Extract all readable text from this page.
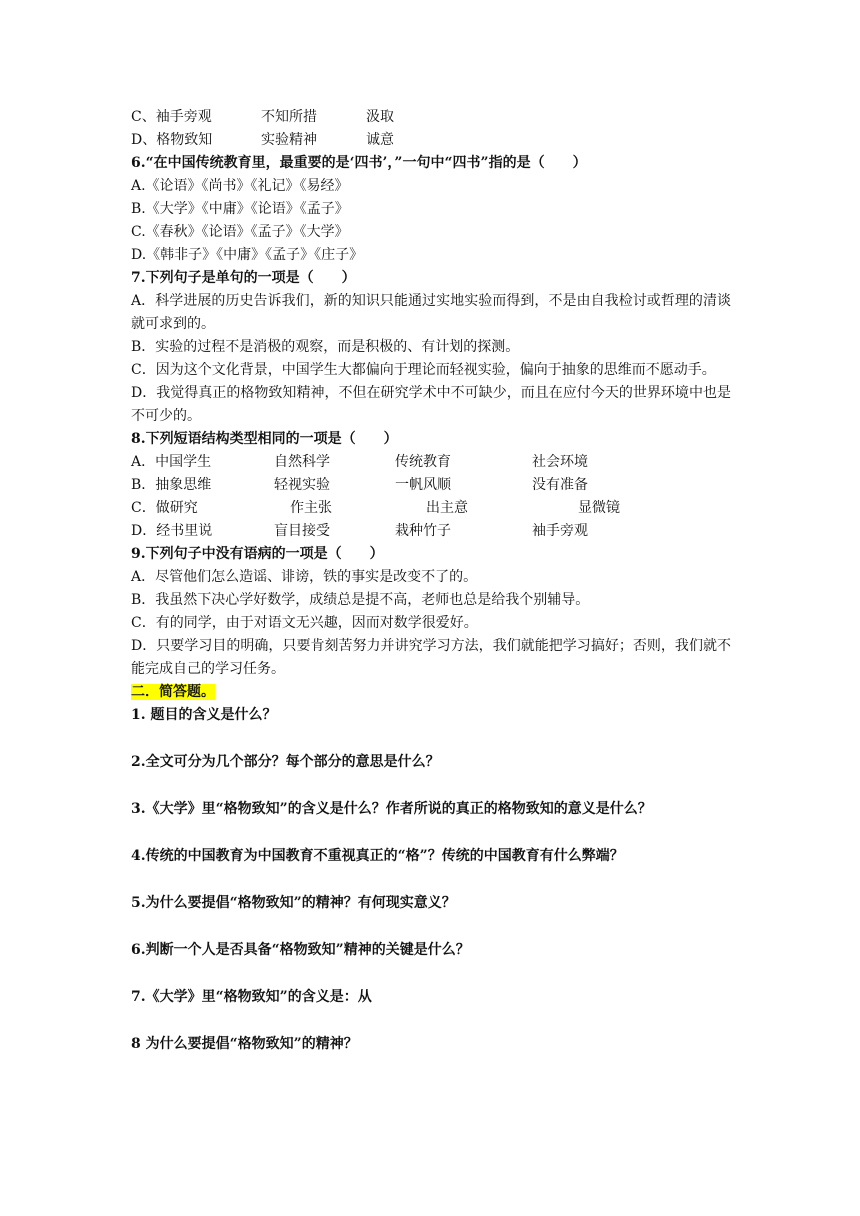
C、袖手旁观	不知所措	汲取
D、格物致知	实验精神	诚意
6.“在中国传统教育里，最重要的是‘四书’，”一句中“四书”指的是（　　）
A.《论语》《尚书》《礼记》《易经》
B.《大学》《中庸》《论语》《孟子》
C.《春秋》《论语》《孟子》《大学》
D.《韩非子》《中庸》《孟子》《庄子》
7.下列句子是单句的一项是（　　）
A．科学进展的历史告诉我们，新的知识只能通过实地实验而得到，不是由自我检讨或哲理的清谈就可求到的。
B．实验的过程不是消极的观察，而是积极的、有计划的探测。
C．因为这个文化背景，中国学生大都偏向于理论而轻视实验，偏向于抽象的思维而不愿动手。
D．我觉得真正的格物致知精神，不但在研究学术中不可缺少，而且在应付今天的世界环境中也是不可少的。
8.下列短语结构类型相同的一项是（　　）
A．中国学生	自然科学	传统教育	社会环境
B．抽象思维	轻视实验	一帆风顺	没有准备
C．做研究	作主张	出主意	显微镜
D．经书里说	盲目接受	栽种竹子	袖手旁观
9.下列句子中没有语病的一项是（　　）
A．尽管他们怎么造谣、诽谤，铁的事实是改变不了的。
B．我虽然下决心学好数学，成绩总是提不高，老师也总是给我个别辅导。
C．有的同学，由于对语文无兴趣，因而对数学很爱好。
D．只要学习目的明确，只要肯刻苦努力并讲究学习方法，我们就能把学习搞好；否则，我们就不能完成自己的学习任务。
二．简答题。
1. 题目的含义是什么？
2.全文可分为几个部分？每个部分的意思是什么？
3.《大学》里“格物致知”的含义是什么？作者所说的真正的格物致知的意义是什么？
4.传统的中国教育为中国教育不重视真正的“格”？传统的中国教育有什么弊端？
5.为什么要提倡“格物致知”的精神？有何现实意义？
6.判断一个人是否具备“格物致知”精神的关键是什么？
7.《大学》里“格物致知”的含义是：从
8 为什么要提倡“格物致知”的精神？
